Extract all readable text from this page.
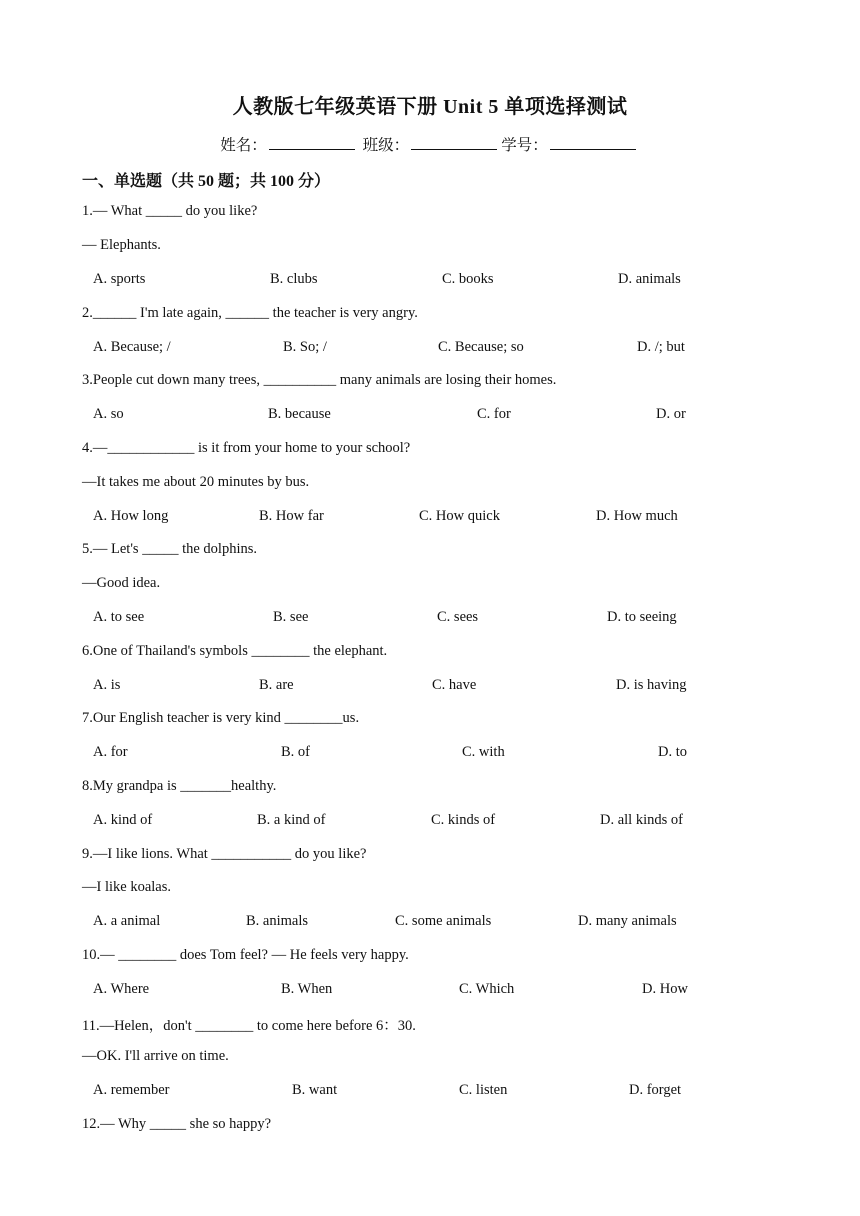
人教版七年级英语下册 Unit 5 单项选择测试
姓名：	班级：	学号：
一、单选题（共 50 题；共 100 分）
1.— What _____ do you like?
— Elephants.
2.______ I'm late again, ______ the teacher is very angry.
3.People cut down many trees, __________ many animals are losing their homes.
4.—____________ is it from your home to your school?
—It takes me about 20 minutes by bus.
5.— Let's _____ the dolphins.
—Good idea.
6.One of Thailand's symbols ________ the elephant.
7.Our English teacher is very kind ________us.
8.My grandpa is _______healthy.
9.—I like lions. What ___________ do you like?
—I like koalas.
10.— ________ does Tom feel? — He feels very happy.
11.—Helen，don't ________ to come here before 6：30.
—OK. I'll arrive on time.
12.— Why _____ she so happy?
A. sports	B. clubs	C. books	D. animals
A. Because; /	B. So; /	C. Because; so	D. /; but
A. so	B. because	C. for	D. or
A. How long	B. How far	C. How quick	D. How much
A. to see	B. see	C. sees	D. to seeing
A. is	B. are	C. have	D. is having
A. for	B. of	C. with	D. to
A. kind of	B. a kind of	C. kinds of	D. all kinds of
A. a animal	B. animals	C. some animals	D. many animals
A. Where	B. When	C. Which	D. How
A. remember	B. want	C. listen	D. forget
